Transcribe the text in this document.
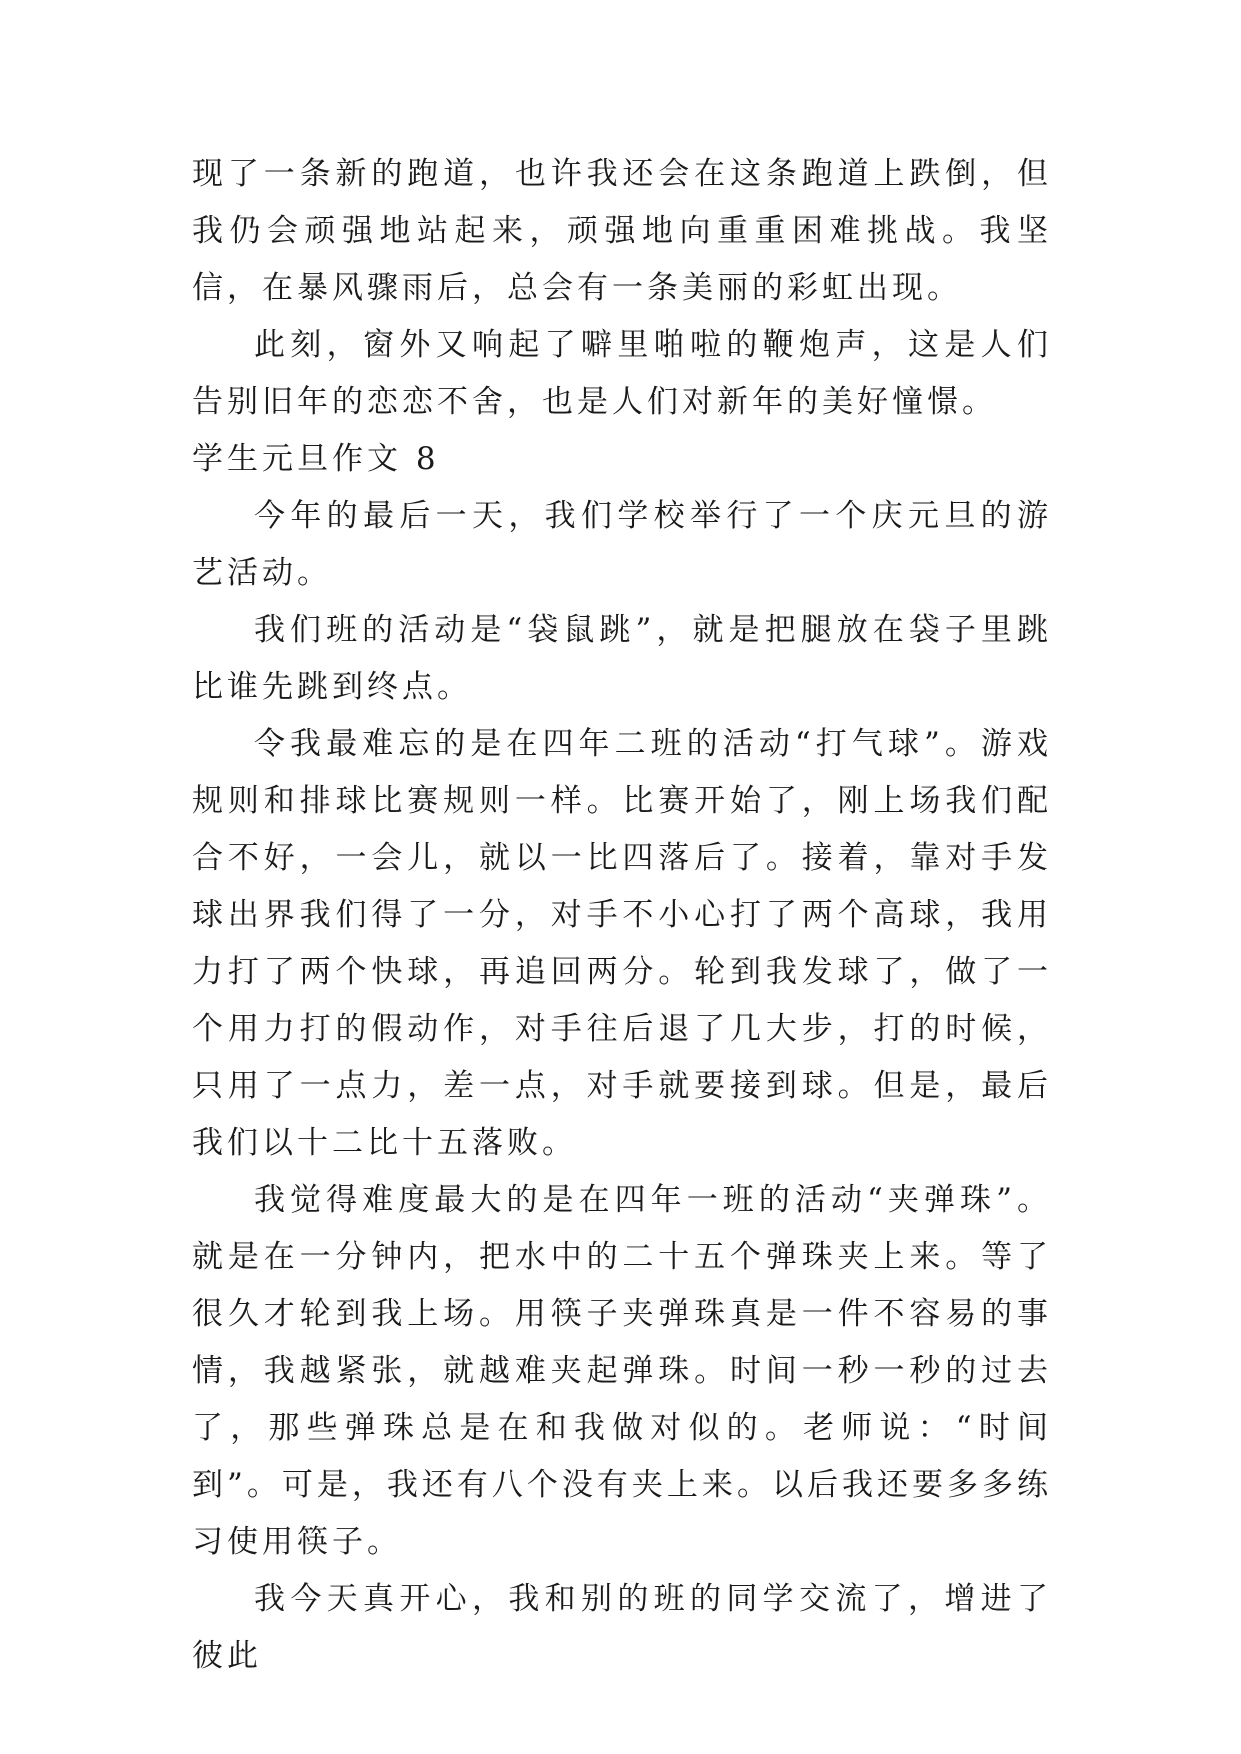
现了一条新的跑道，也许我还会在这条跑道上跌倒，但我仍会顽强地站起来，顽强地向重重困难挑战。我坚信，在暴风骤雨后，总会有一条美丽的彩虹出现。

此刻，窗外又响起了噼里啪啦的鞭炮声，这是人们告别旧年的恋恋不舍，也是人们对新年的美好憧憬。

学生元旦作文 8

今年的最后一天，我们学校举行了一个庆元旦的游艺活动。

我们班的活动是“袋鼠跳”，就是把腿放在袋子里跳比谁先跳到终点。

令我最难忘的是在四年二班的活动“打气球”。游戏规则和排球比赛规则一样。比赛开始了，刚上场我们配合不好，一会儿，就以一比四落后了。接着，靠对手发球出界我们得了一分，对手不小心打了两个高球，我用力打了两个快球，再追回两分。轮到我发球了，做了一个用力打的假动作，对手往后退了几大步，打的时候，只用了一点力，差一点，对手就要接到球。但是，最后我们以十二比十五落败。

我觉得难度最大的是在四年一班的活动“夹弹珠”。就是在一分钟内，把水中的二十五个弹珠夹上来。等了很久才轮到我上场。用筷子夹弹珠真是一件不容易的事情，我越紧张，就越难夹起弹珠。时间一秒一秒的过去了，那些弹珠总是在和我做对似的。老师说：“时间到”。可是，我还有八个没有夹上来。以后我还要多多练习使用筷子。

我今天真开心，我和别的班的同学交流了，增进了彼此
